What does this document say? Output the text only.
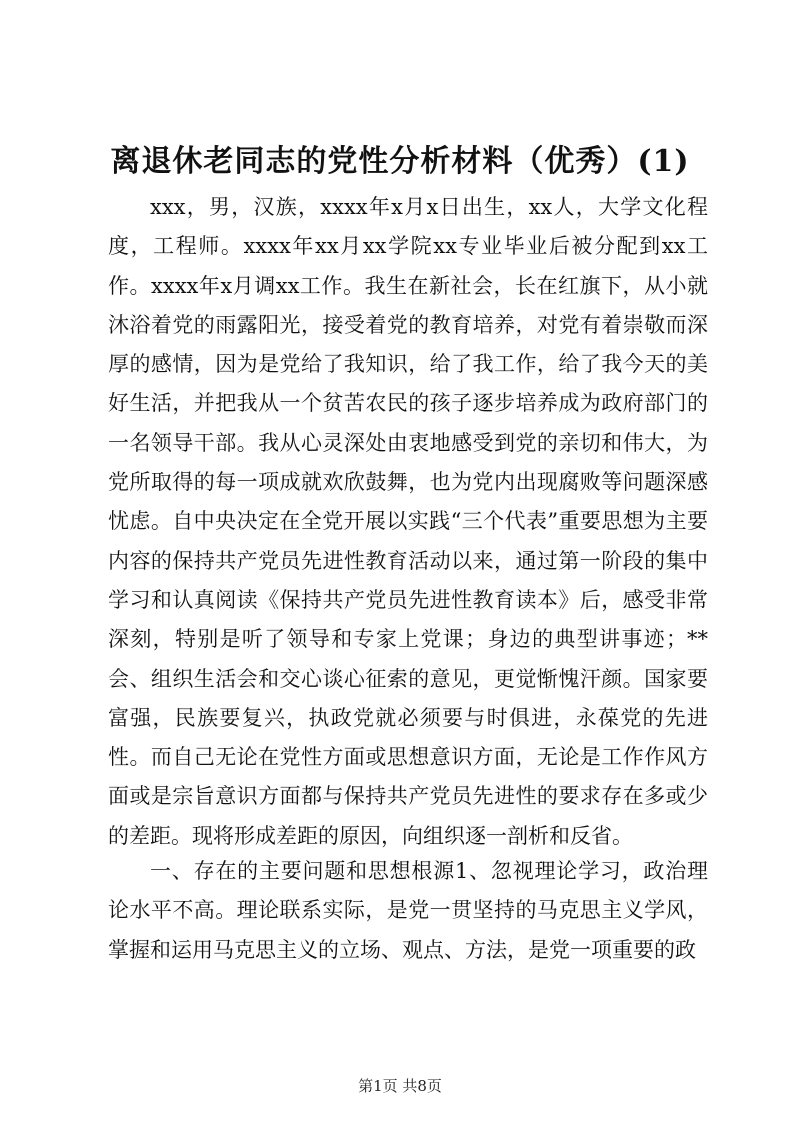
离退休老同志的党性分析材料（优秀）(1)

xxx，男，汉族，xxxx年x月x日出生，xx人，大学文化程度，工程师。xxxx年xx月xx学院xx专业毕业后被分配到xx工作。xxxx年x月调xx工作。我生在新社会，长在红旗下，从小就沐浴着党的雨露阳光，接受着党的教育培养，对党有着崇敬而深厚的感情，因为是党给了我知识，给了我工作，给了我今天的美好生活，并把我从一个贫苦农民的孩子逐步培养成为政府部门的一名领导干部。我从心灵深处由衷地感受到党的亲切和伟大，为党所取得的每一项成就欢欣鼓舞，也为党内出现腐败等问题深感忧虑。自中央决定在全党开展以实践“三个代表”重要思想为主要内容的保持共产党员先进性教育活动以来，通过第一阶段的集中学习和认真阅读《保持共产党员先进性教育读本》后，感受非常深刻，特别是听了领导和专家上党课；身边的典型讲事迹；**会、组织生活会和交心谈心征索的意见，更觉惭愧汗颜。国家要富强，民族要复兴，执政党就必须要与时俱进，永葆党的先进性。而自己无论在党性方面或思想意识方面，无论是工作作风方面或是宗旨意识方面都与保持共产党员先进性的要求存在多或少的差距。现将形成差距的原因，向组织逐一剖析和反省。

一、存在的主要问题和思想根源1、忽视理论学习，政治理论水平不高。理论联系实际，是党一贯坚持的马克思主义学风，掌握和运用马克思主义的立场、观点、方法，是党一项重要的政

第1页 共8页
